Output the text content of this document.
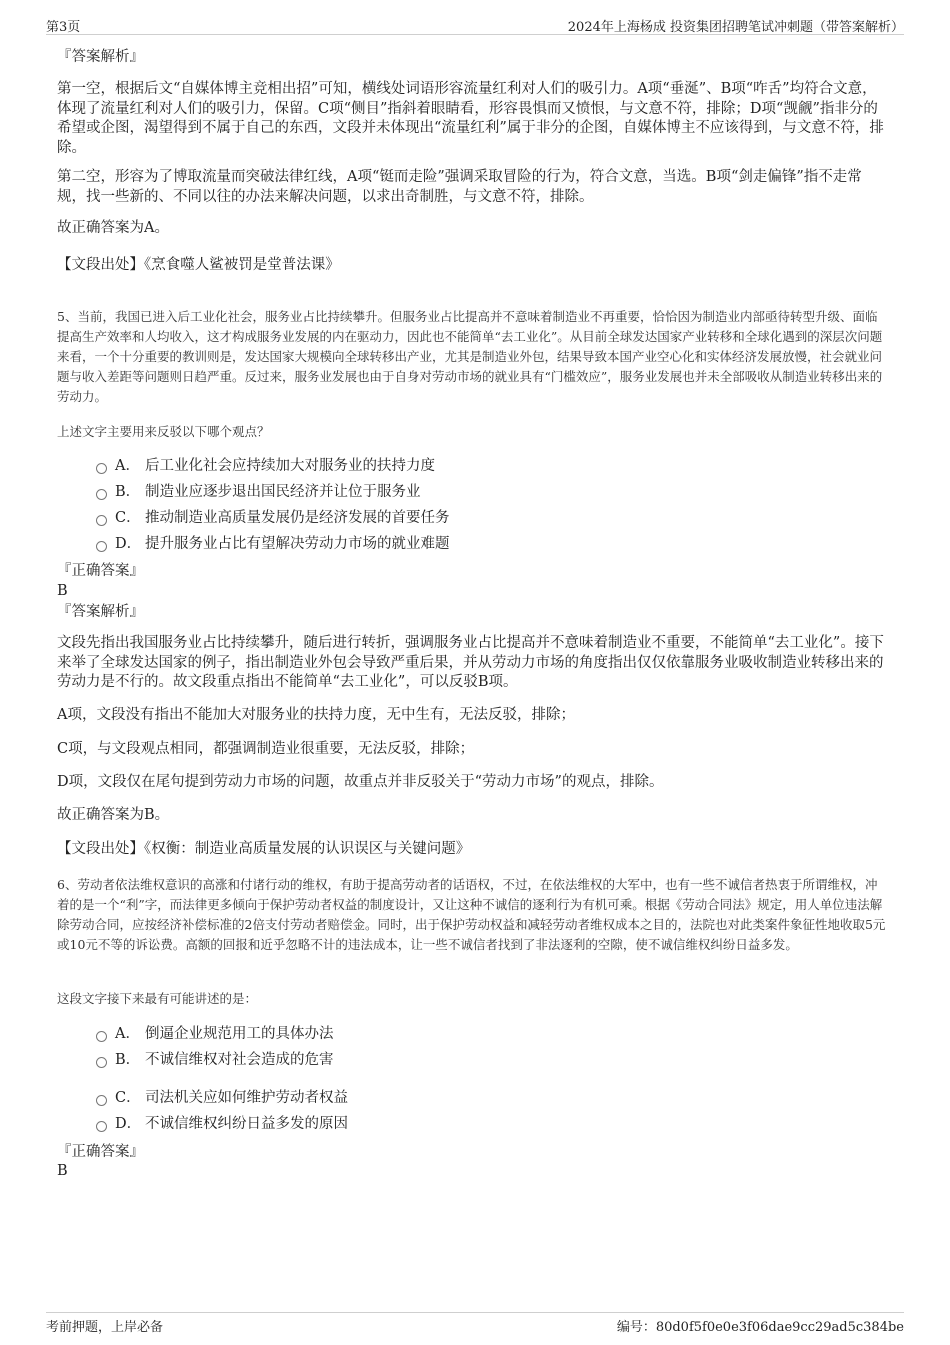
第3页	2024年上海杨成 投资集团招聘笔试冲刺题（带答案解析）
『答案解析』

第一空，根据后文“自媒体博主竞相出招”可知，横线处词语形容流量红利对人们的吸引力。A项“垂涎”、B项“咋舌”均符合文意，体现了流量红利对人们的吸引力，保留。C项“侧目”指斜着眼睛看，形容畏惧而又愤恨，与文意不符，排除；D项“觊觎”指非分的希望或企图，渴望得到不属于自己的东西，文段并未体现出“流量红利”属于非分的企图，自媒体博主不应该得到，与文意不符，排除。

第二空，形容为了博取流量而突破法律红线，A项“铤而走险”强调采取冒险的行为，符合文意，当选。B项“剑走偏锋”指不走常规，找一些新的、不同以往的办法来解决问题，以求出奇制胜，与文意不符，排除。

故正确答案为A。
【文段出处】《烹食噬人鲨被罚是堂普法课》

5、当前，我国已进入后工业化社会，服务业占比持续攀升。但服务业占比提高并不意味着制造业不再重要，恰恰因为制造业内部亟待转型升级、面临提高生产效率和人均收入，这才构成服务业发展的内在驱动力，因此也不能简单“去工业化”。从目前全球发达国家产业转移和全球化遇到的深层次问题来看，一个十分重要的教训则是，发达国家大规模向全球转移出产业，尤其是制造业外包，结果导致本国产业空心化和实体经济发展放慢，社会就业问题与收入差距等问题则日趋严重。反过来，服务业发展也由于自身对劳动市场的就业具有“门槛效应”，服务业发展也并未全部吸收从制造业转移出来的劳动力。

上述文字主要用来反驳以下哪个观点？
A． 后工业化社会应持续加大对服务业的扶持力度
B． 制造业应逐步退出国民经济并让位于服务业
C． 推动制造业高质量发展仍是经济发展的首要任务
D． 提升服务业占比有望解决劳动力市场的就业难题
『正确答案』
B
『答案解析』

文段先指出我国服务业占比持续攀升，随后进行转折，强调服务业占比提高并不意味着制造业不重要，不能简单“去工业化”。接下来举了全球发达国家的例子，指出制造业外包会导致严重后果，并从劳动力市场的角度指出仅仅依靠服务业吸收制造业转移出来的劳动力是不行的。故文段重点指出不能简单“去工业化”，可以反驳B项。

A项，文段没有指出不能加大对服务业的扶持力度，无中生有，无法反驳，排除；
C项，与文段观点相同，都强调制造业很重要，无法反驳，排除；
D项，文段仅在尾句提到劳动力市场的问题，故重点并非反驳关于“劳动力市场”的观点，排除。
故正确答案为B。
【文段出处】《权衡：制造业高质量发展的认识误区与关键问题》

6、劳动者依法维权意识的高涨和付诸行动的维权，有助于提高劳动者的话语权，不过，在依法维权的大军中，也有一些不诚信者热衷于所谓维权，冲着的是一个“利”字，而法律更多倾向于保护劳动者权益的制度设计，又让这种不诚信的逐利行为有机可乘。根据《劳动合同法》规定，用人单位违法解除劳动合同，应按经济补偿标准的2倍支付劳动者赔偿金。同时，出于保护劳动权益和减轻劳动者维权成本之目的，法院也对此类案件象征性地收取5元或10元不等的诉讼费。高额的回报和近乎忽略不计的违法成本，让一些不诚信者找到了非法逐利的空隙，使不诚信维权纠纷日益多发。

这段文字接下来最有可能讲述的是：
A． 倒逼企业规范用工的具体办法
B． 不诚信维权对社会造成的危害
C． 司法机关应如何维护劳动者权益
D． 不诚信维权纠纷日益多发的原因
『正确答案』
B
考前押题，上岸必备	编号：80d0f5f0e0e3f06dae9cc29ad5c384be
